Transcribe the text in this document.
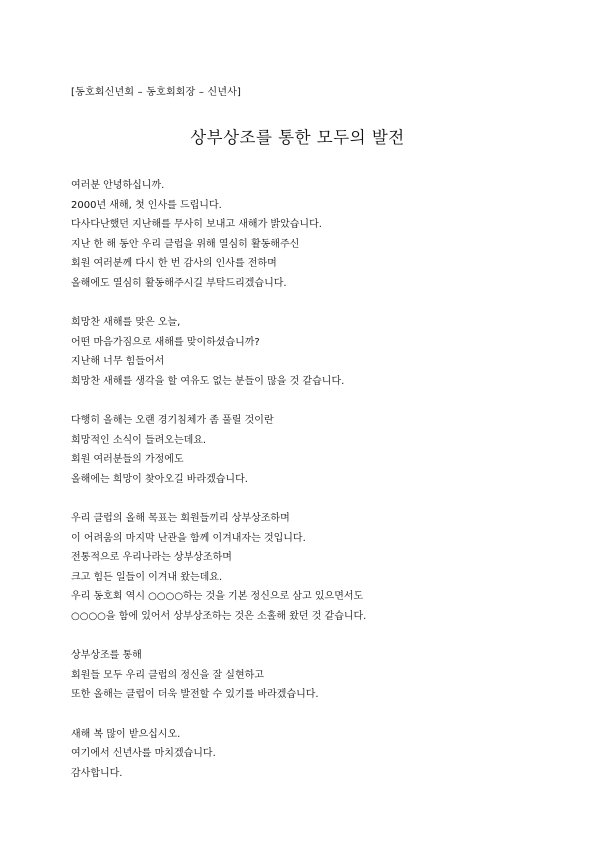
[동호회신년회 – 동호회회장 – 신년사]
상부상조를 통한 모두의 발전
여러분 안녕하십니까.
2000년 새해, 첫 인사를 드립니다.
다사다난했던 지난해를 무사히 보내고 새해가 밝았습니다.
지난 한 해 동안 우리 클럽을 위해 열심히 활동해주신
회원 여러분께 다시 한 번 감사의 인사를 전하며
올해에도 열심히 활동해주시길 부탁드리겠습니다.
희망찬 새해를 맞은 오늘,
어떤 마음가짐으로 새해를 맞이하셨습니까?
지난해 너무 힘들어서
희망찬 새해를 생각을 할 여유도 없는 분들이 많을 것 같습니다.
다행히 올해는 오랜 경기침체가 좀 풀릴 것이란
희망적인 소식이 들려오는데요.
회원 여러분들의 가정에도
올해에는 희망이 찾아오길 바라겠습니다.
우리 클럽의 올해 목표는 회원들끼리 상부상조하며
이 어려움의 마지막 난관을 함께 이겨내자는 것입니다.
전통적으로 우리나라는 상부상조하며
크고 힘든 일들이 이겨내 왔는데요.
우리 동호회 역시 ○○○○하는 것을 기본 정신으로 삼고 있으면서도
○○○○을 함에 있어서 상부상조하는 것은 소홀해 왔던 것 같습니다.
상부상조를 통해
회원들 모두 우리 클럽의 정신을 잘 실현하고
또한 올해는 클럽이 더욱 발전할 수 있기를 바라겠습니다.
새해 복 많이 받으십시오.
여기에서 신년사를 마치겠습니다.
감사합니다.
